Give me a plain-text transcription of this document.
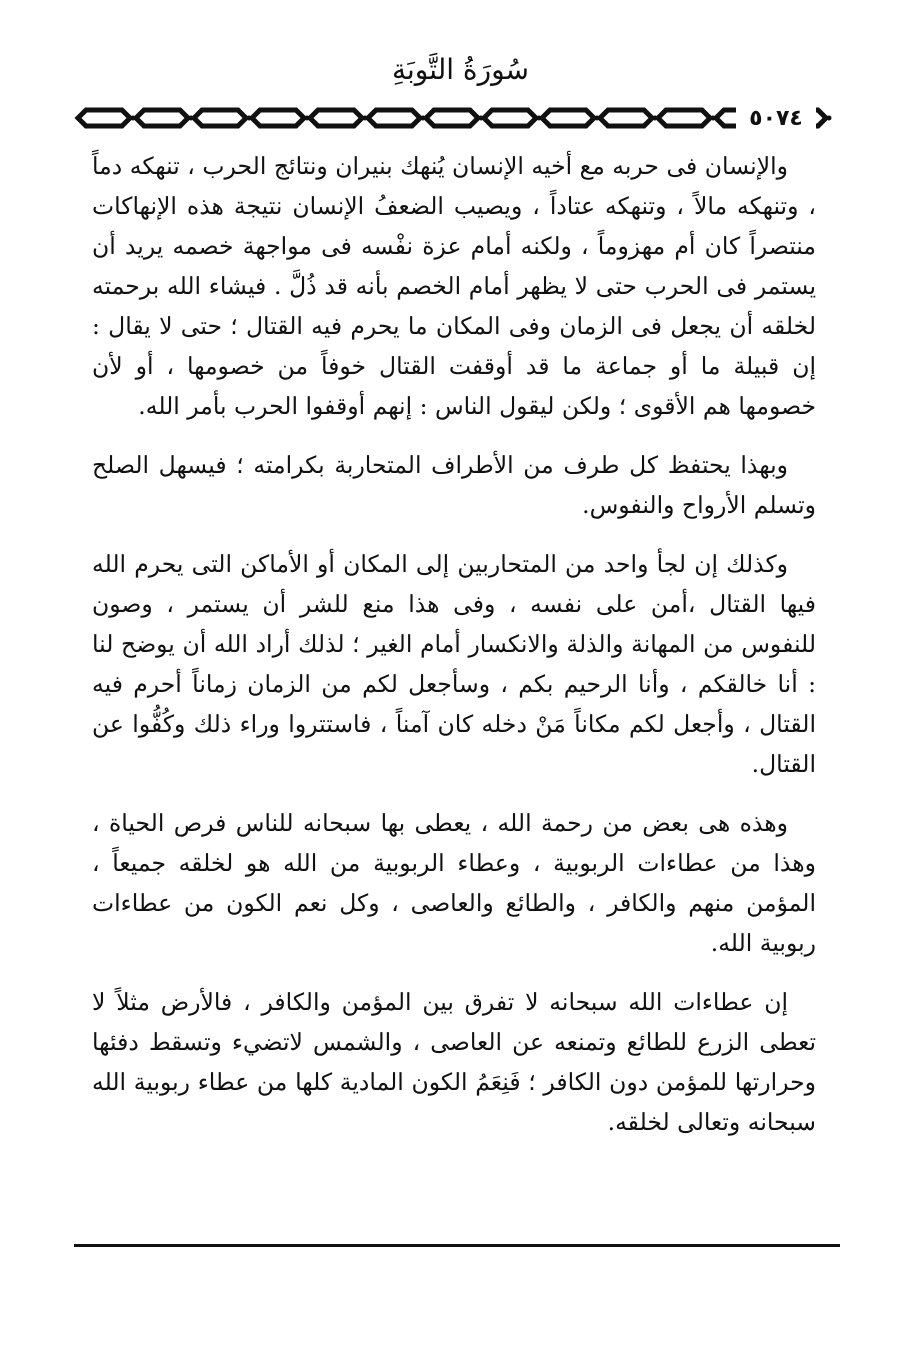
سُورَةُ التَّوبَةِ
٥٠٧٤

والإنسان فى حربه مع أخيه الإنسان يُنهك بنيران ونتائج الحرب ، تنهكه دماً ، وتنهكه مالاً ، وتنهكه عتاداً ، ويصيب الضعفُ الإنسان نتيجة هذه الإنهاكات منتصراً كان أم مهزوماً ، ولكنه أمام عزة نفْسه فى مواجهة خصمه يريد أن يستمر فى الحرب حتى لا يظهر أمام الخصم بأنه قد ذُلَّ . فيشاء الله برحمته لخلقه أن يجعل فى الزمان وفى المكان ما يحرم فيه القتال ؛ حتى لا يقال : إن قبيلة ما أو جماعة ما قد أوقفت القتال خوفاً من خصومها ، أو لأن خصومها هم الأقوى ؛ ولكن ليقول الناس : إنهم أوقفوا الحرب بأمر الله.

وبهذا يحتفظ كل طرف من الأطراف المتحاربة بكرامته ؛ فيسهل الصلح وتسلم الأرواح والنفوس.

وكذلك إن لجأ واحد من المتحاربين إلى المكان أو الأماكن التى يحرم الله فيها القتال ،أمن على نفسه ، وفى هذا منع للشر أن يستمر ، وصون للنفوس من المهانة والذلة والانكسار أمام الغير ؛ لذلك أراد الله أن يوضح لنا : أنا خالقكم ، وأنا الرحيم بكم ، وسأجعل لكم من الزمان زماناً أحرم فيه القتال ، وأجعل لكم مكاناً مَنْ دخله كان آمناً ، فاستتروا وراء ذلك وكُفُّوا عن القتال.

وهذه هى بعض من رحمة الله ، يعطى بها سبحانه للناس فرص الحياة ، وهذا من عطاءات الربوبية ، وعطاء الربوبية من الله هو لخلقه جميعاً ، المؤمن منهم والكافر ، والطائع والعاصى ، وكل نعم الكون من عطاءات ربوبية الله.

إن عطاءات الله سبحانه لا تفرق بين المؤمن والكافر ، فالأرض مثلاً لا تعطى الزرع للطائع وتمنعه عن العاصى ، والشمس لاتضيء وتسقط دفئها وحرارتها للمؤمن دون الكافر ؛ فَنِعَمُ الكون المادية كلها من عطاء ربوبية الله سبحانه وتعالى لخلقه.
